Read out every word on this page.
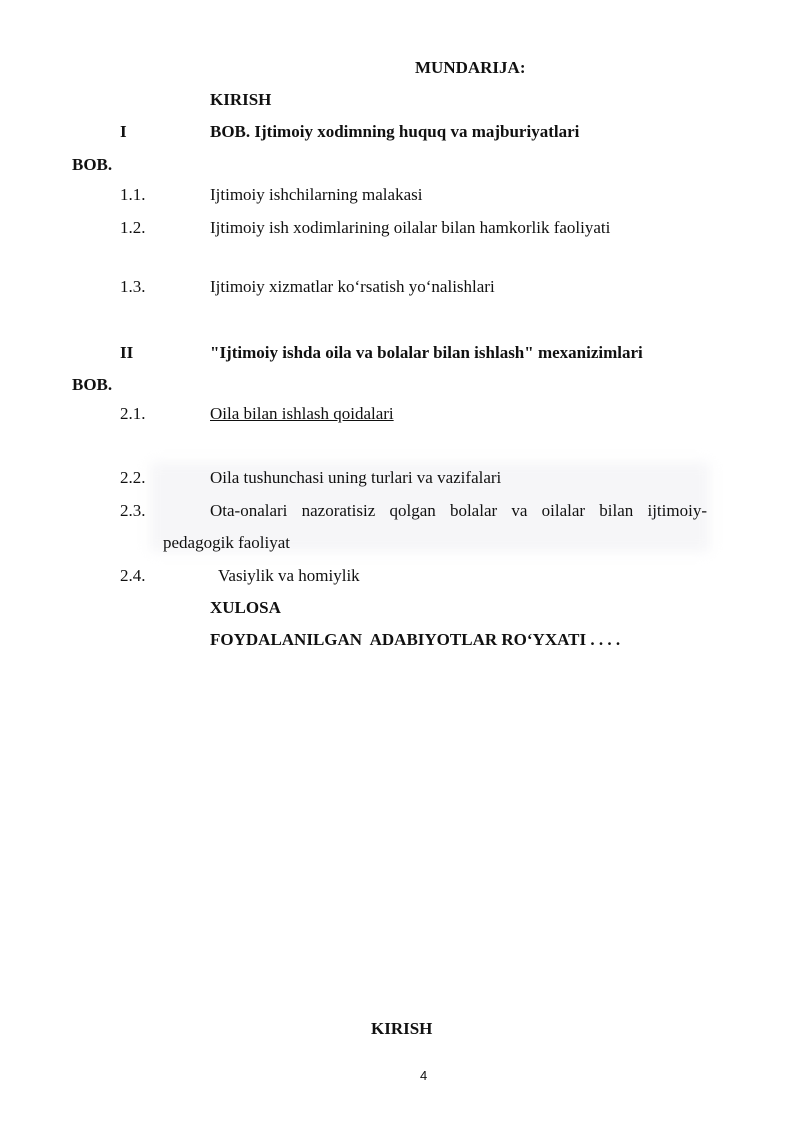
MUNDARIJA:
KIRISH
I	BOB. Ijtimoiy xodimning huquq va majburiyatlari
BOB.
1.1.	Ijtimoiy ishchilarning malakasi
1.2.	Ijtimoiy ish xodimlarining oilalar bilan hamkorlik faoliyati
1.3.	Ijtimoiy xizmatlar ko‘rsatish yo‘nalishlari
II	"Ijtimoiy ishda oila va bolalar bilan ishlash" mexanizimlari
BOB.
2.1.	Oila bilan ishlash qoidalari
2.2.	Oila tushunchasi uning turlari va vazifalari
2.3.	Ota-onalari nazoratisiz qolgan bolalar va oilalar bilan ijtimoiy-
pedagogik faoliyat
2.4.	Vasiylik va homiylik
XULOSA
FOYDALANILGAN  ADABIYOTLAR RO‘YXATI . . . .
KIRISH
4
